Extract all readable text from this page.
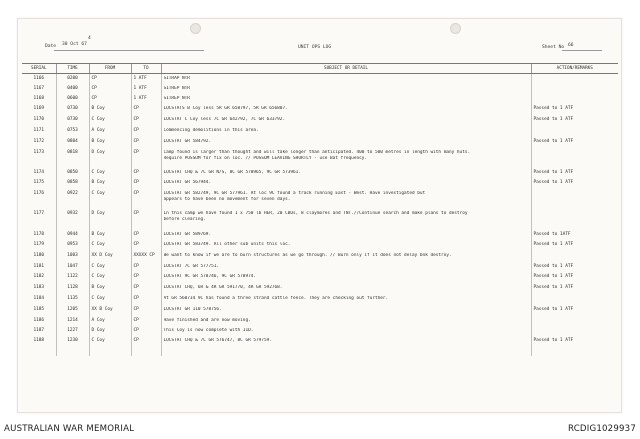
4
Date 30 Oct 67
UNIT OPS LOG	Sheet No 66
SERIAL	TIME	FROM	TO	SUBJECT OR DETAIL	ACTION/REMARKS
1166	0200	CP	1 ATF	SITRAP NTR	

1167	0400	CP	1 ATF	SITREP NTR	

1168	0600	CP	1 ATF	SITREP NTR	

1169	0730	B Coy	CP	LOCSTATS B Coy less 5R GR 658797, 5R GR 656807.	Passed to 1 ATF
1170	0730	C Coy	CP	LOCSTAT C Coy less 7C GR 642792, 7C GR 633792.	Passed to 1 ATF
1171	0753	A Coy	CP	Commencing demolitions in this area.	

1172	0804	B Coy	CP	LOCSTAT GR 584792.	Passed to 1 ATF
1173	0818	D Coy	CP	Camp found is larger than thought and will take longer than anticipated. 400 to 500 metres in length with many huts.
Require POSSUM for fix on loc. // POSSUM LEAVING SHORTLY - use Bat frequency.	

1174	0850	C Coy	CP	LOCSTAT CHQ & 7C GR N/S, 8C GR 578965, 9C GR 573961.	Passed to 1 ATF
1175	0858	B Coy	CP	LOCSTAT GR 567944.	Passed to 1 ATF
1176	0922	C Coy	CP	LOCSTAT GR 582749, 9C GR 577961. At loc 9C found a track running East - West. Have investigated but
appears to have been no movement for seven days.	

1177	0932	D Coy	CP	In this camp we have found 1 x 750 lb HER, 20 CBUs, 8 claymores and TNT.//Continue search and make plans to destroy
before clearing.	

1178	0944	B Coy	CP	LOCSTAT GR 589769.	Passed to 1ATF
1179	0953	C Coy	CP	LOCSTAT GR 583749. All other sub units this loc.	Passed to 1 ATF
1180	1003	XX D Coy	XXXXX CP	We want to know if we are to burn structures as we go through. // Burn only if it does not delay bnk destroy.	

1181	1047	C Coy	CP	LOCSTAT 7C GR 577751.	Passed to 1 ATF
1182	1122	C Coy	CP	LOCSTAT 9C GR 578746, 9C GR 578974.	Passed to 1 ATF
1183	1128	B Coy	CP	LOCSTAT CHQ, 6R & 4R GR 591770, 4R GR 592768.	Passed to 1 ATF
1184	1135	C Coy	CP	At GR 560734 9C has found a three strand cattle fence. They are checking out further.	

1185	1205	XX B Coy	CP	LOCSTAT GR 110 578756.	Passed to 1 ATF
1186	1214	A Coy	CP	Have finished and are now moving.	

1187	1227	D Coy	CP	This Coy is now complete with 11D.	

1188	1230	C Coy	CP	LOCSTAT CHQ & 7C GR 576747, 8C GR 579759.	Passed to 1 ATF
AUSTRALIAN WAR MEMORIAL	RCDIG1029937
